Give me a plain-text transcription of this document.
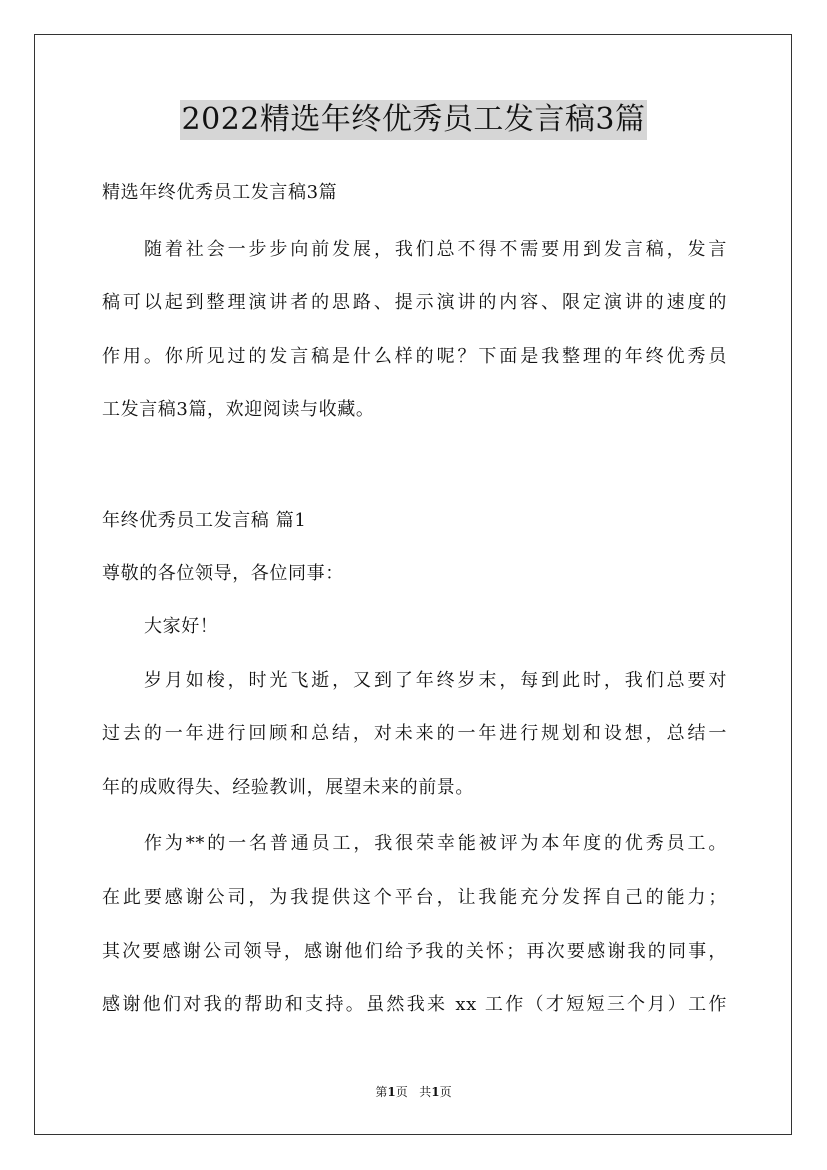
2022精选年终优秀员工发言稿3篇
精选年终优秀员工发言稿3篇
随着社会一步步向前发展，我们总不得不需要用到发言稿，发言
稿可以起到整理演讲者的思路、提示演讲的内容、限定演讲的速度的
作用。你所见过的发言稿是什么样的呢？下面是我整理的年终优秀员
工发言稿3篇，欢迎阅读与收藏。
年终优秀员工发言稿 篇1
尊敬的各位领导，各位同事：
大家好！
岁月如梭，时光飞逝，又到了年终岁末，每到此时，我们总要对
过去的一年进行回顾和总结，对未来的一年进行规划和设想，总结一
年的成败得失、经验教训，展望未来的前景。
作为**的一名普通员工，我很荣幸能被评为本年度的优秀员工。
在此要感谢公司，为我提供这个平台，让我能充分发挥自己的能力；
其次要感谢公司领导，感谢他们给予我的关怀；再次要感谢我的同事，
感谢他们对我的帮助和支持。虽然我来 xx 工作（才短短三个月）工作
第1页 共1页
